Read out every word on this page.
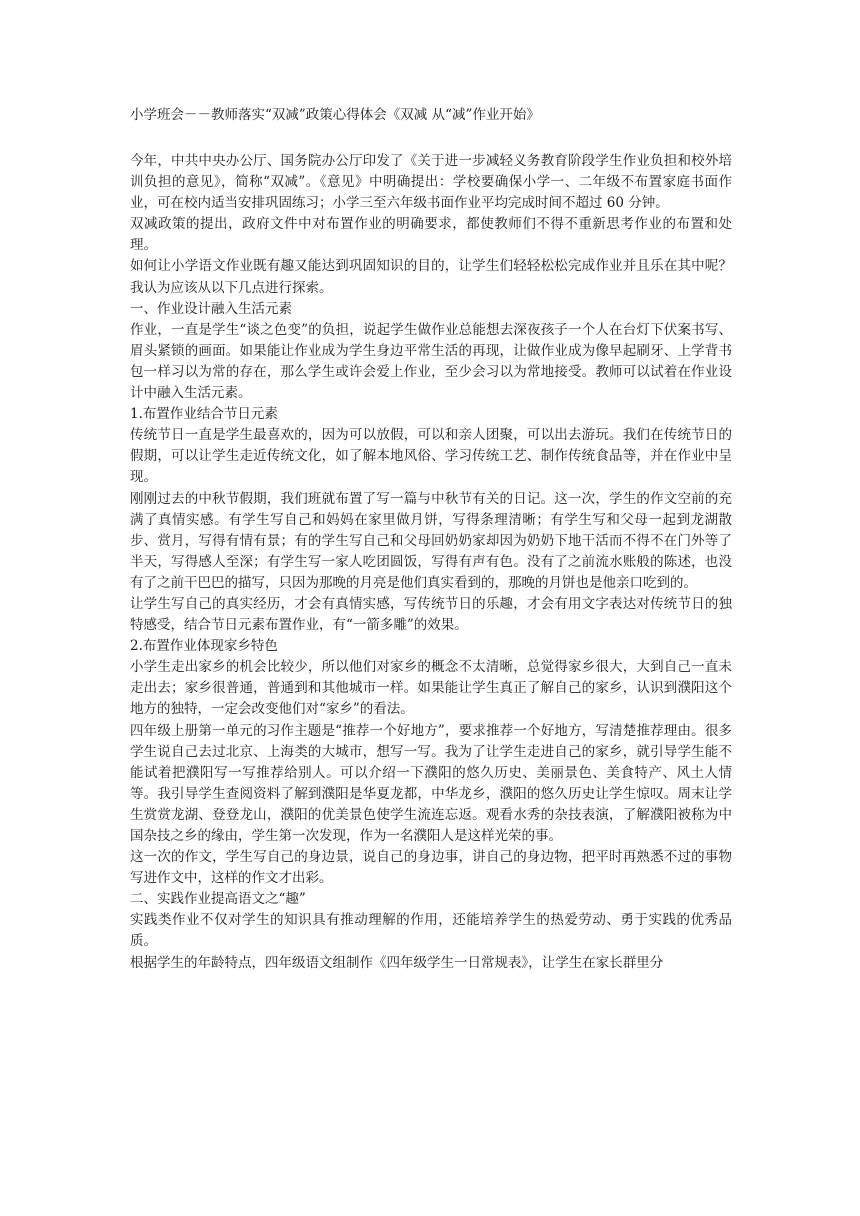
小学班会－－教师落实“双减”政策心得体会《双减 从“减”作业开始》

今年，中共中央办公厅、国务院办公厅印发了《关于进一步减轻义务教育阶段学生作业负担和校外培训负担的意见》，简称“双减”。《意见》中明确提出：学校要确保小学一、二年级不布置家庭书面作业，可在校内适当安排巩固练习；小学三至六年级书面作业平均完成时间不超过 60 分钟。

双减政策的提出，政府文件中对布置作业的明确要求，都使教师们不得不重新思考作业的布置和处理。

如何让小学语文作业既有趣又能达到巩固知识的目的，让学生们轻轻松松完成作业并且乐在其中呢？我认为应该从以下几点进行探索。

一、作业设计融入生活元素

作业，一直是学生“谈之色变”的负担，说起学生做作业总能想去深夜孩子一个人在台灯下伏案书写、眉头紧锁的画面。如果能让作业成为学生身边平常生活的再现，让做作业成为像早起刷牙、上学背书包一样习以为常的存在，那么学生或许会爱上作业，至少会习以为常地接受。教师可以试着在作业设计中融入生活元素。

1.布置作业结合节日元素

传统节日一直是学生最喜欢的，因为可以放假，可以和亲人团聚，可以出去游玩。我们在传统节日的假期，可以让学生走近传统文化，如了解本地风俗、学习传统工艺、制作传统食品等，并在作业中呈现。

刚刚过去的中秋节假期，我们班就布置了写一篇与中秋节有关的日记。这一次，学生的作文空前的充满了真情实感。有学生写自己和妈妈在家里做月饼，写得条理清晰；有学生写和父母一起到龙湖散步、赏月，写得有情有景；有的学生写自己和父母回奶奶家却因为奶奶下地干活而不得不在门外等了半天，写得感人至深；有学生写一家人吃团圆饭，写得有声有色。没有了之前流水账般的陈述，也没有了之前干巴巴的描写，只因为那晚的月亮是他们真实看到的，那晚的月饼也是他亲口吃到的。

让学生写自己的真实经历，才会有真情实感，写传统节日的乐趣，才会有用文字表达对传统节日的独特感受，结合节日元素布置作业，有“一箭多雕”的效果。

2.布置作业体现家乡特色

小学生走出家乡的机会比较少，所以他们对家乡的概念不太清晰，总觉得家乡很大，大到自己一直未走出去；家乡很普通，普通到和其他城市一样。如果能让学生真正了解自己的家乡，认识到濮阳这个地方的独特，一定会改变他们对“家乡”的看法。

四年级上册第一单元的习作主题是“推荐一个好地方”，要求推荐一个好地方，写清楚推荐理由。很多学生说自己去过北京、上海类的大城市，想写一写。我为了让学生走进自己的家乡，就引导学生能不能试着把濮阳写一写推荐给别人。可以介绍一下濮阳的悠久历史、美丽景色、美食特产、风土人情等。我引导学生查阅资料了解到濮阳是华夏龙都，中华龙乡，濮阳的悠久历史让学生惊叹。周末让学生赏赏龙湖、登登龙山，濮阳的优美景色使学生流连忘返。观看水秀的杂技表演，了解濮阳被称为中国杂技之乡的缘由，学生第一次发现，作为一名濮阳人是这样光荣的事。

这一次的作文，学生写自己的身边景，说自己的身边事，讲自己的身边物，把平时再熟悉不过的事物写进作文中，这样的作文才出彩。

二、实践作业提高语文之“趣”

实践类作业不仅对学生的知识具有推动理解的作用，还能培养学生的热爱劳动、勇于实践的优秀品质。

根据学生的年龄特点，四年级语文组制作《四年级学生一日常规表》，让学生在家长群里分
